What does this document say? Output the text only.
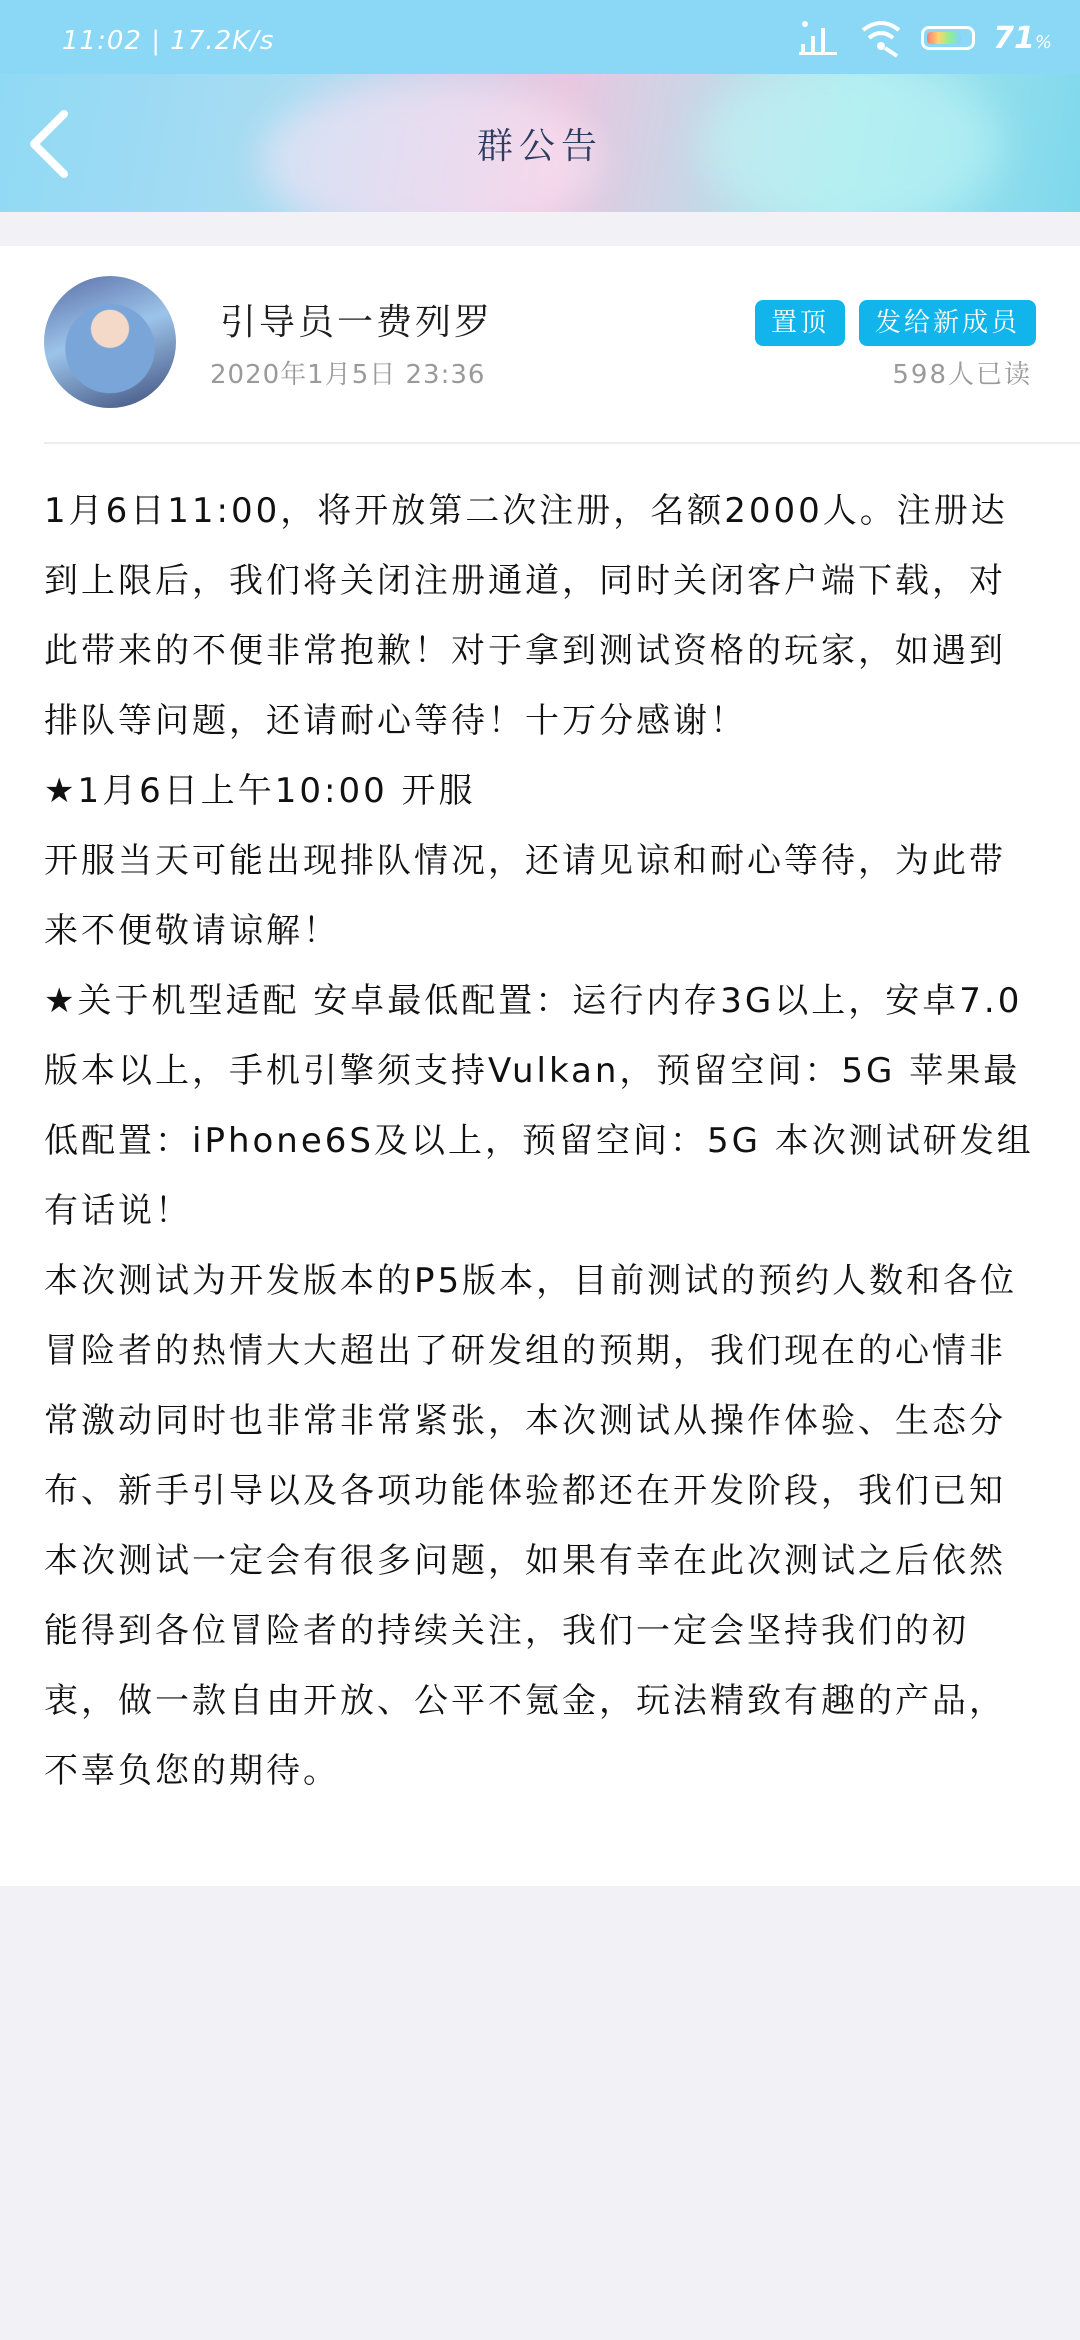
11:02 | 17.2K/s	71%
群公告
引导员一费列罗
2020年1月5日 23:36
置顶	发给新成员
598人已读

1月6日11:00，将开放第二次注册，名额2000人。注册达到上限后，我们将关闭注册通道，同时关闭客户端下载，对此带来的不便非常抱歉！对于拿到测试资格的玩家，如遇到排队等问题，还请耐心等待！十万分感谢！

★1月6日上午10:00 开服

开服当天可能出现排队情况，还请见谅和耐心等待，为此带来不便敬请谅解！

★关于机型适配 安卓最低配置：运行内存3G以上，安卓7.0版本以上，手机引擎须支持Vulkan，预留空间：5G 苹果最低配置：iPhone6S及以上，预留空间：5G 本次测试研发组有话说！

本次测试为开发版本的P5版本，目前测试的预约人数和各位冒险者的热情大大超出了研发组的预期，我们现在的心情非常激动同时也非常非常紧张，本次测试从操作体验、生态分布、新手引导以及各项功能体验都还在开发阶段，我们已知本次测试一定会有很多问题，如果有幸在此次测试之后依然能得到各位冒险者的持续关注，我们一定会坚持我们的初衷，做一款自由开放、公平不氪金，玩法精致有趣的产品，不辜负您的期待。
